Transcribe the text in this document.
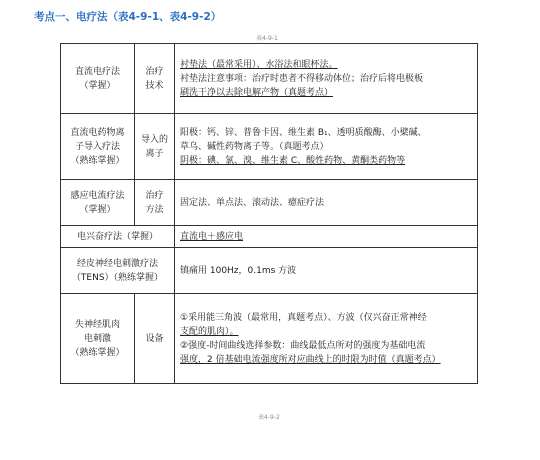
考点一、电疗法（表4-9-1、表4-9-2）
表4-9-1
直流电疗法
（掌握）	治疗
技术	衬垫法（最常采用）、水浴法和眼杯法。
衬垫法注意事项：治疗时患者不得移动体位；治疗后将电极板
刷洗干净以去除电解产物（真题考点）

直流电药物离
子导入疗法
（熟练掌握）	导入的
离子	阳极：钙、锌、普鲁卡因、维生素 B₁、透明质酸酶、小檗碱、
草乌、碱性药物离子等。（真题考点）
阴极：碘、氯、溴、维生素 C、酸性药物、黄酮类药物等

感应电流疗法
（掌握）	治疗
方法	固定法、单点法、滚动法、癔症疗法

电兴奋疗法（掌握）		直流电＋感应电

经皮神经电刺激疗法
（TENS）（熟练掌握）		镇痛用 100Hz，0.1ms 方波

失神经肌肉
电刺激
（熟练掌握）	设备	①采用能三角波（最常用，真题考点）、方波（仅兴奋正常神经
支配的肌肉）。
②强度-时间曲线选择参数：曲线最低点所对的强度为基础电流
强度，2 倍基础电流强度所对应曲线上的时限为时值（真题考点）
表4-9-2
